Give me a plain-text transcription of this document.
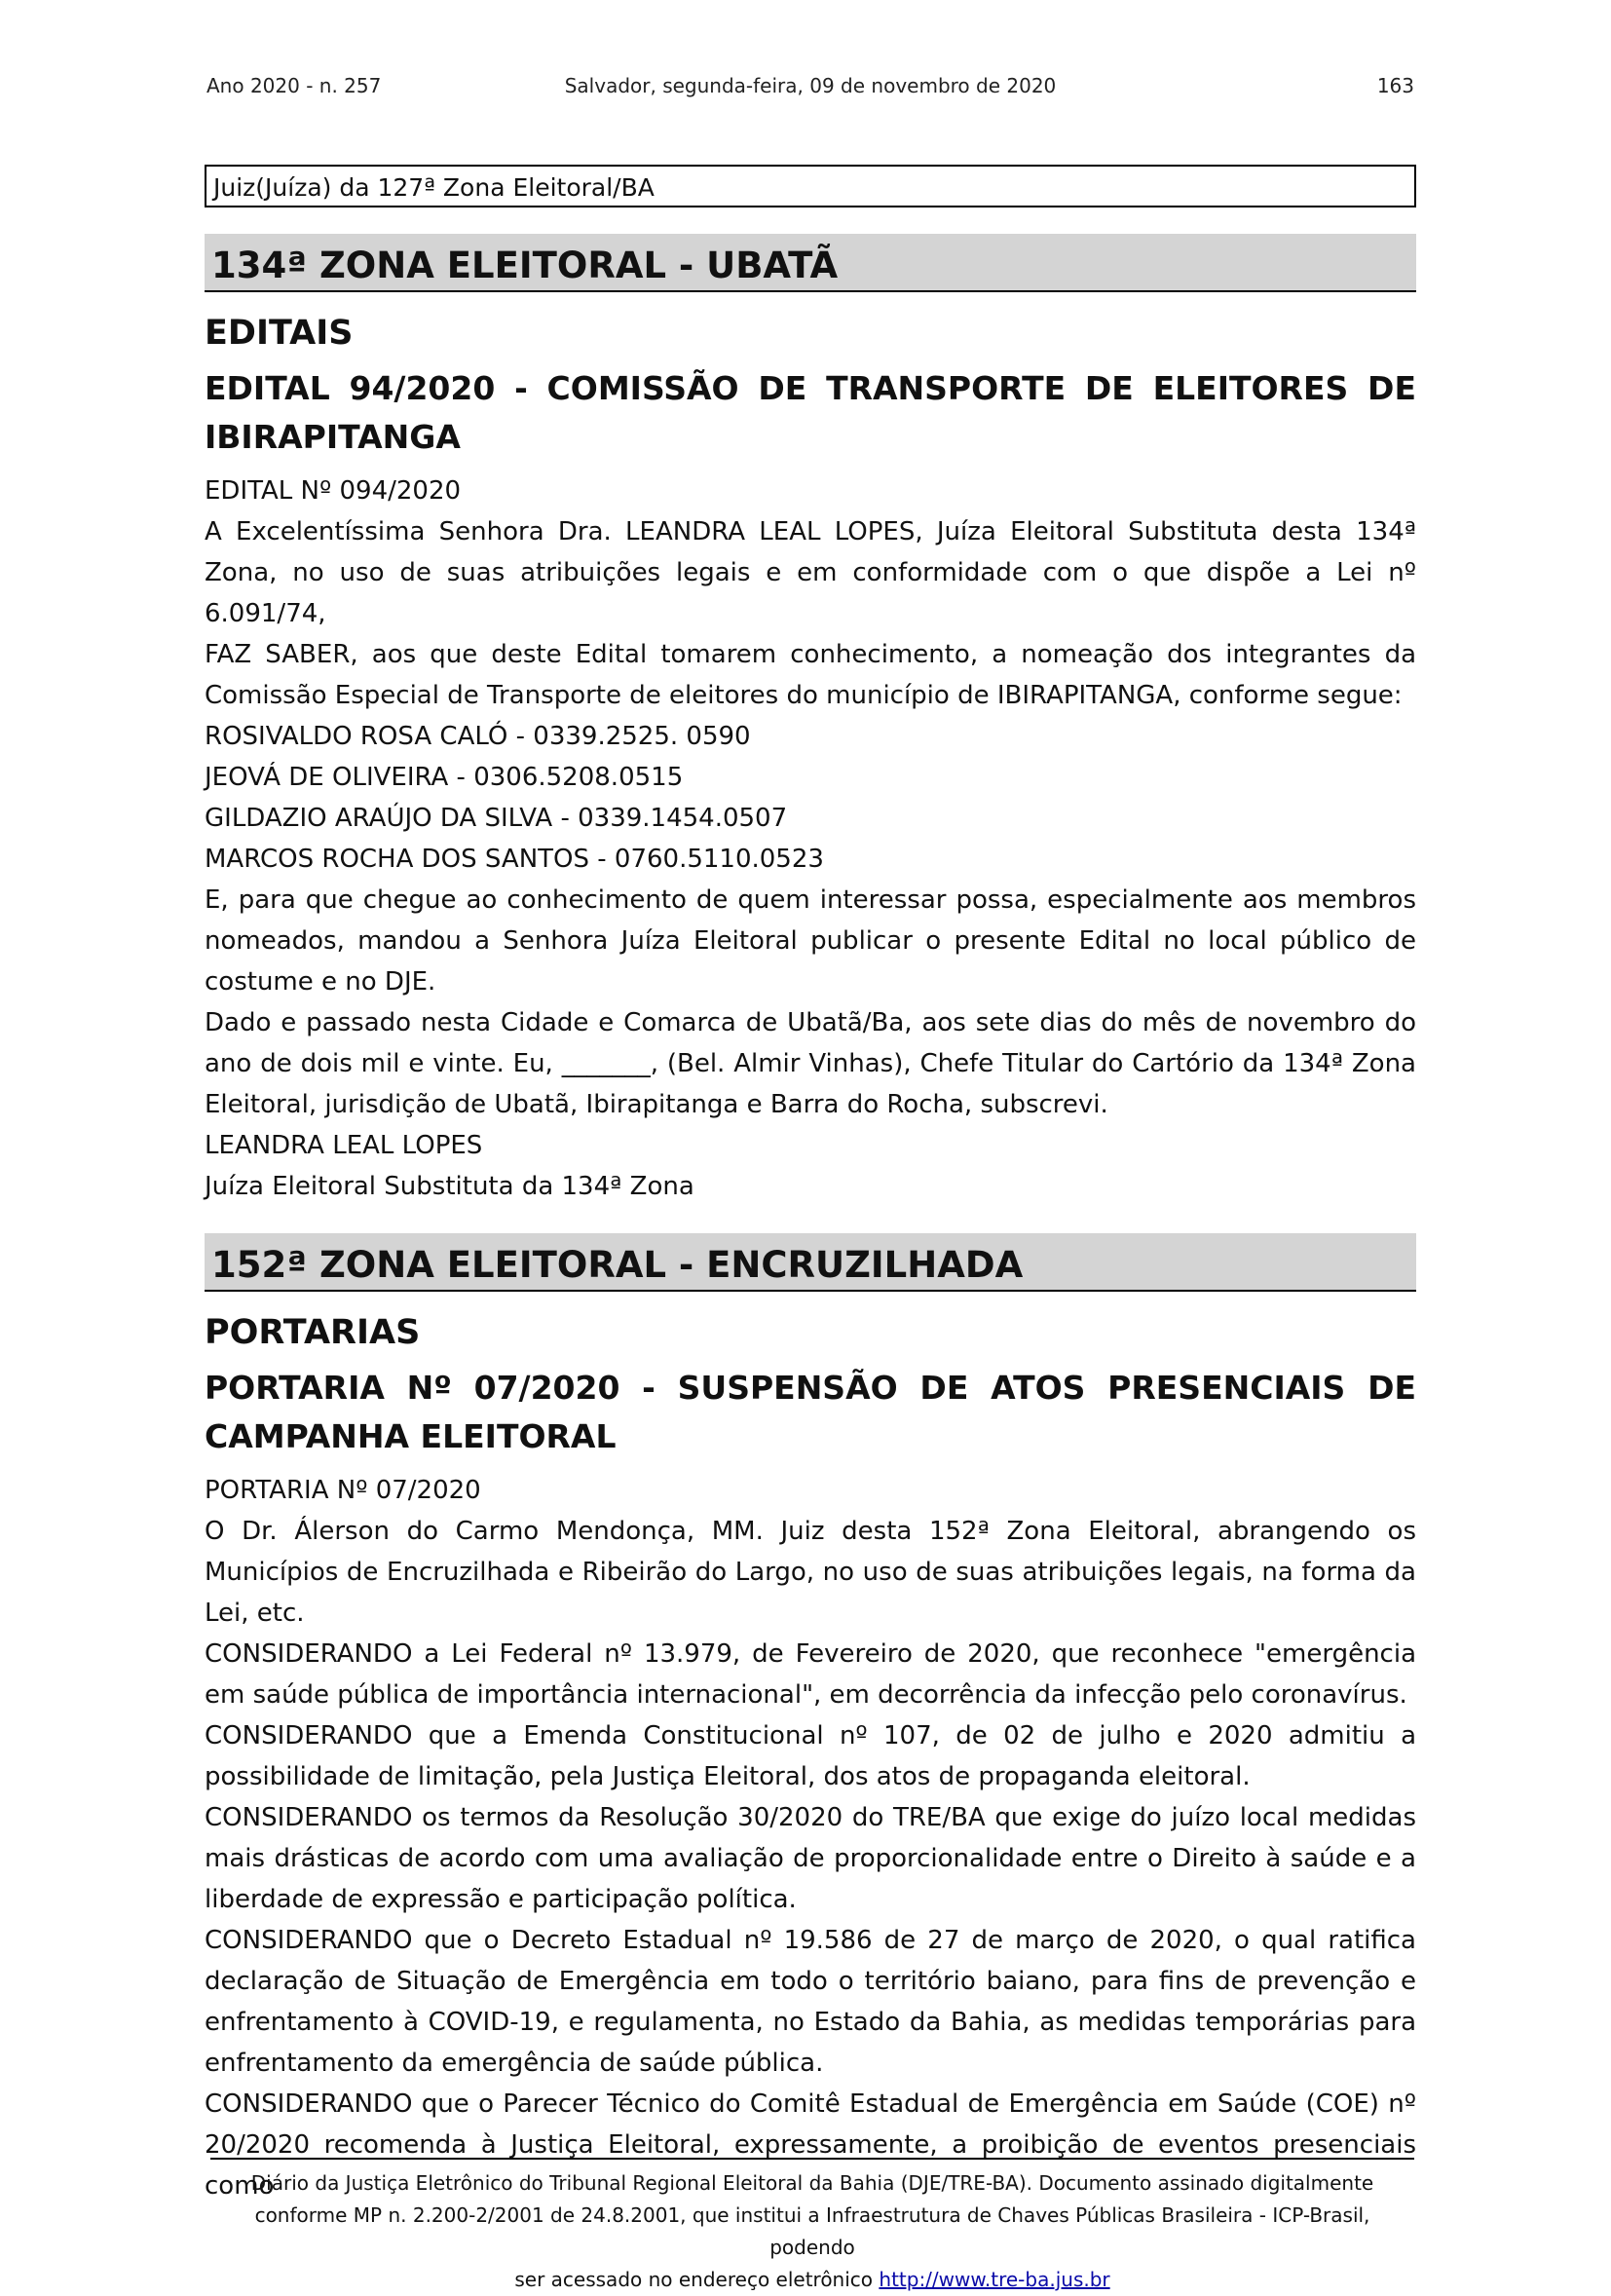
Ano 2020 - n. 257	Salvador, segunda-feira, 09 de novembro de 2020	163
Juiz(Juíza) da 127ª Zona Eleitoral/BA
134ª ZONA ELEITORAL - UBATÃ
EDITAIS
EDITAL 94/2020 - COMISSÃO DE TRANSPORTE DE ELEITORES DE IBIRAPITANGA

EDITAL Nº 094/2020

A Excelentíssima Senhora Dra. LEANDRA LEAL LOPES, Juíza Eleitoral Substituta desta 134ª Zona, no uso de suas atribuições legais e em conformidade com o que dispõe a Lei nº 6.091/74,

FAZ SABER, aos que deste Edital tomarem conhecimento, a nomeação dos integrantes da Comissão Especial de Transporte de eleitores do município de IBIRAPITANGA, conforme segue:

ROSIVALDO ROSA CALÓ - 0339.2525. 0590

JEOVÁ DE OLIVEIRA - 0306.5208.0515

GILDAZIO ARAÚJO DA SILVA - 0339.1454.0507

MARCOS ROCHA DOS SANTOS - 0760.5110.0523

E, para que chegue ao conhecimento de quem interessar possa, especialmente aos membros nomeados, mandou a Senhora Juíza Eleitoral publicar o presente Edital no local público de costume e no DJE.

Dado e passado nesta Cidade e Comarca de Ubatã/Ba, aos sete dias do mês de novembro do ano de dois mil e vinte. Eu, _______, (Bel. Almir Vinhas), Chefe Titular do Cartório da 134ª Zona Eleitoral, jurisdição de Ubatã, Ibirapitanga e Barra do Rocha, subscrevi.

LEANDRA LEAL LOPES

Juíza Eleitoral Substituta da 134ª Zona

152ª ZONA ELEITORAL - ENCRUZILHADA
PORTARIAS
PORTARIA Nº 07/2020 - SUSPENSÃO DE ATOS PRESENCIAIS DE CAMPANHA ELEITORAL

PORTARIA Nº 07/2020

O Dr. Álerson do Carmo Mendonça, MM. Juiz desta 152ª Zona Eleitoral, abrangendo os Municípios de Encruzilhada e Ribeirão do Largo, no uso de suas atribuições legais, na forma da Lei, etc.

CONSIDERANDO a Lei Federal nº 13.979, de Fevereiro de 2020, que reconhece "emergência em saúde pública de importância internacional", em decorrência da infecção pelo coronavírus.

CONSIDERANDO que a Emenda Constitucional nº 107, de 02 de julho e 2020 admitiu a possibilidade de limitação, pela Justiça Eleitoral, dos atos de propaganda eleitoral.

CONSIDERANDO os termos da Resolução 30/2020 do TRE/BA que exige do juízo local medidas mais drásticas de acordo com uma avaliação de proporcionalidade entre o Direito à saúde e a liberdade de expressão e participação política.

CONSIDERANDO que o Decreto Estadual nº 19.586 de 27 de março de 2020, o qual ratifica declaração de Situação de Emergência em todo o território baiano, para fins de prevenção e enfrentamento à COVID-19, e regulamenta, no Estado da Bahia, as medidas temporárias para enfrentamento da emergência de saúde pública.

CONSIDERANDO que o Parecer Técnico do Comitê Estadual de Emergência em Saúde (COE) nº 20/2020 recomenda à Justiça Eleitoral, expressamente, a proibição de eventos presenciais como

Diário da Justiça Eletrônico do Tribunal Regional Eleitoral da Bahia (DJE/TRE-BA). Documento assinado digitalmente

conforme MP n. 2.200-2/2001 de 24.8.2001, que institui a Infraestrutura de Chaves Públicas Brasileira - ICP-Brasil, podendo

ser acessado no endereço eletrônico http://www.tre-ba.jus.br
